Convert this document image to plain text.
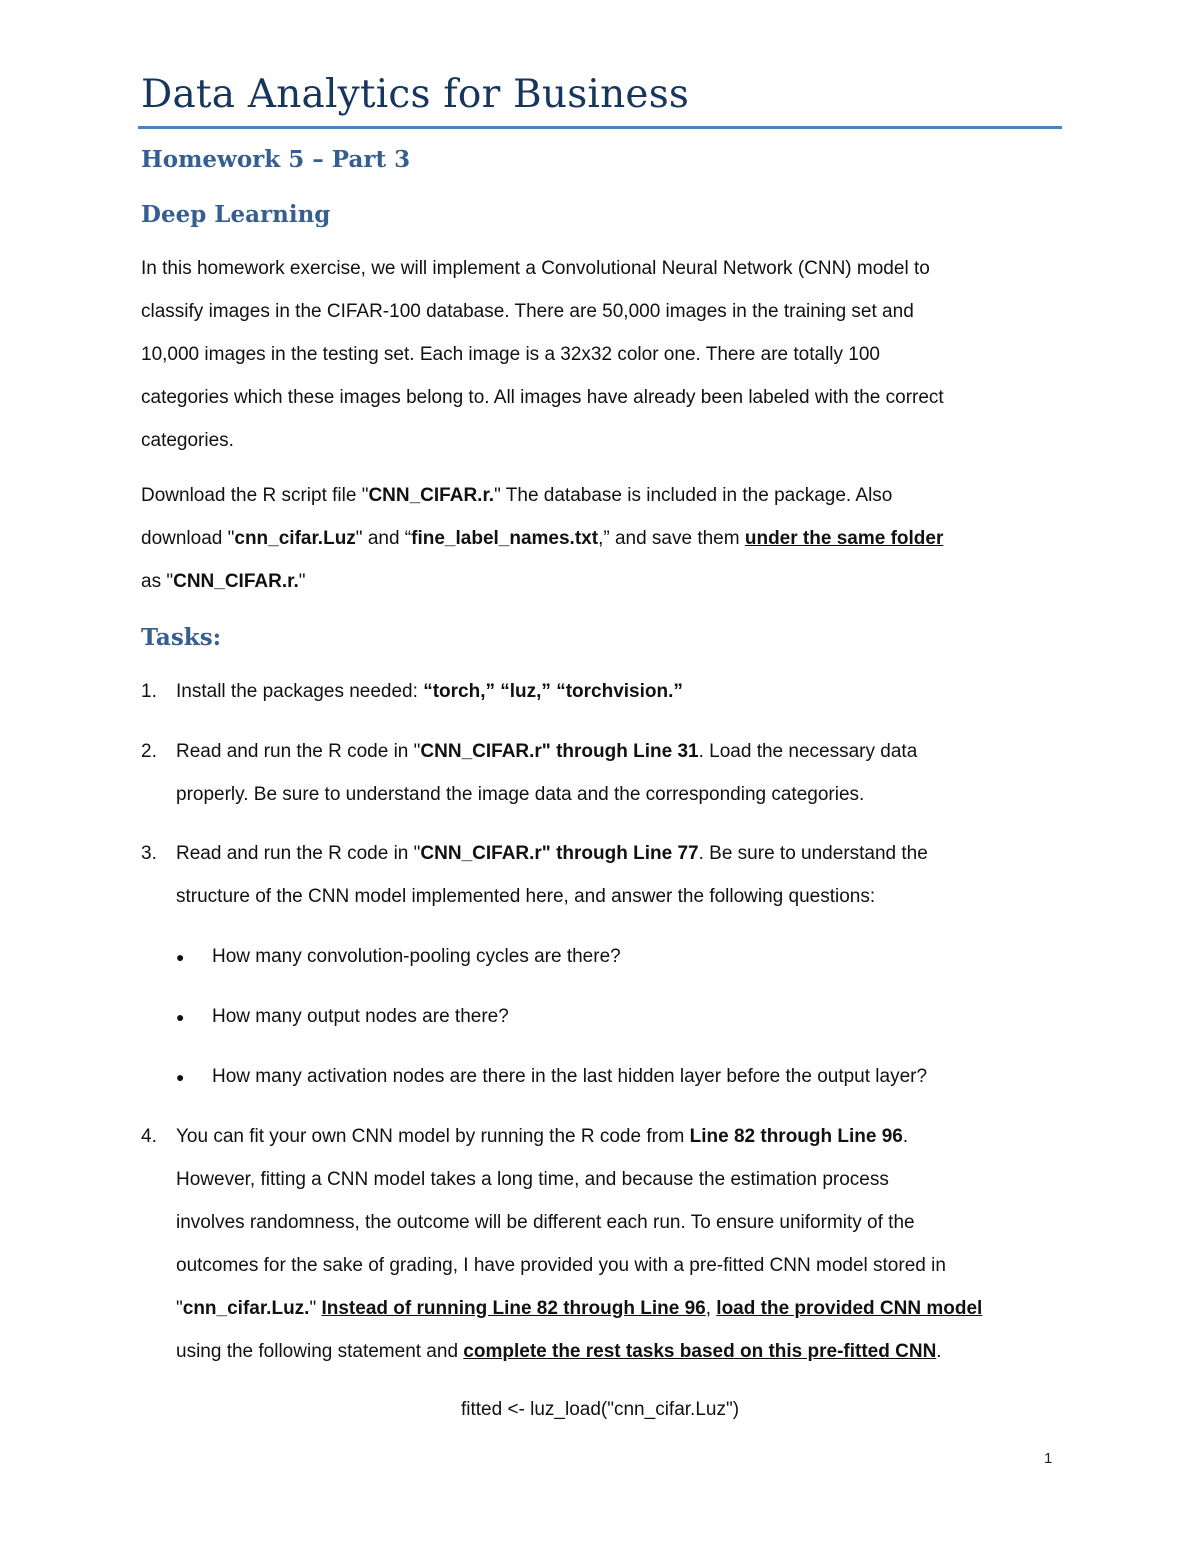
Data Analytics for Business
Homework 5 – Part 3
Deep Learning
In this homework exercise, we will implement a Convolutional Neural Network (CNN) model to
classify images in the CIFAR-100 database. There are 50,000 images in the training set and
10,000 images in the testing set. Each image is a 32x32 color one. There are totally 100
categories which these images belong to. All images have already been labeled with the correct
categories.
Download the R script file "CNN_CIFAR.r." The database is included in the package. Also
download "cnn_cifar.Luz" and “fine_label_names.txt,” and save them under the same folder
as "CNN_CIFAR.r."
Tasks:
1. Install the packages needed: “torch,” “luz,” “torchvision.”
2. Read and run the R code in "CNN_CIFAR.r" through Line 31. Load the necessary data
properly. Be sure to understand the image data and the corresponding categories.
3. Read and run the R code in "CNN_CIFAR.r" through Line 77. Be sure to understand the
structure of the CNN model implemented here, and answer the following questions:
● How many convolution-pooling cycles are there?
● How many output nodes are there?
● How many activation nodes are there in the last hidden layer before the output layer?
4. You can fit your own CNN model by running the R code from Line 82 through Line 96.
However, fitting a CNN model takes a long time, and because the estimation process
involves randomness, the outcome will be different each run. To ensure uniformity of the
outcomes for the sake of grading, I have provided you with a pre-fitted CNN model stored in
"cnn_cifar.Luz." Instead of running Line 82 through Line 96, load the provided CNN model
using the following statement and complete the rest tasks based on this pre-fitted CNN.
fitted <- luz_load("cnn_cifar.Luz")
1
